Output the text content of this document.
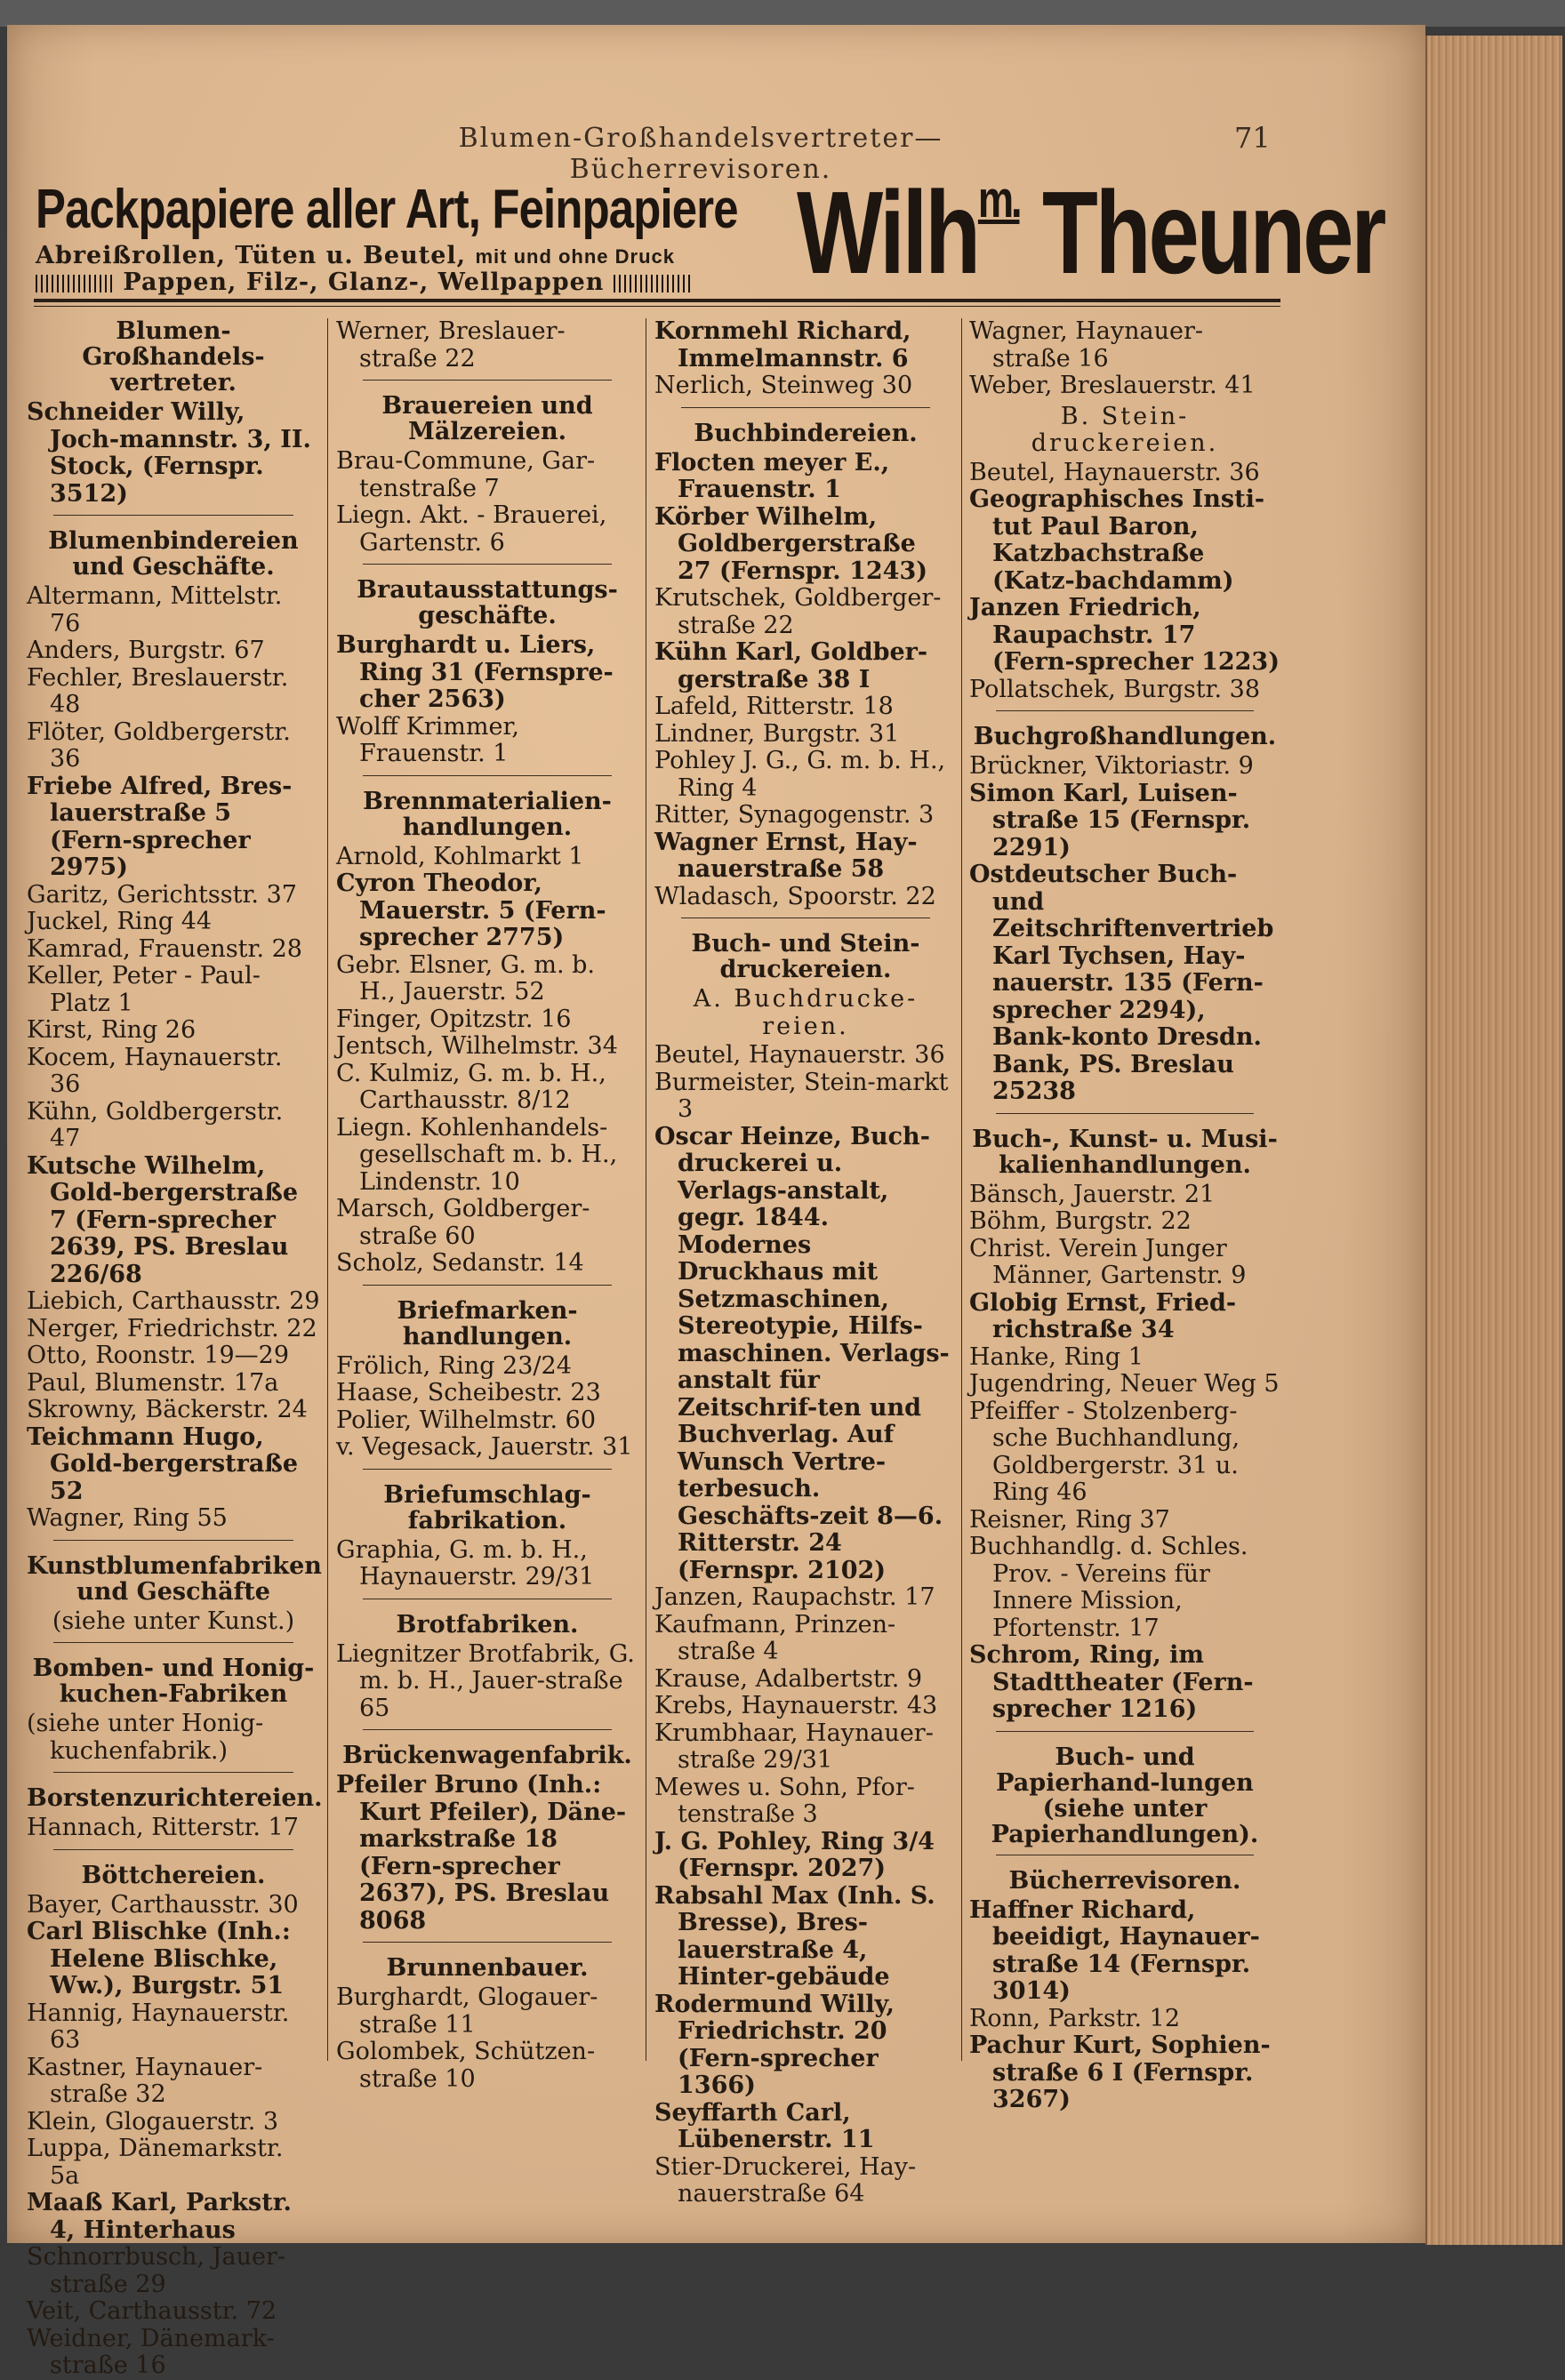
Blumen-Großhandelsvertreter—Bücherrevisoren.
71
Packpapiere aller Art, Feinpapiere
Abreißrollen, Tüten u. Beutel, mit und ohne Druck
Pappen, Filz-, Glanz-, Wellpappen	Wilh$^{m.}$ Theuner
Blumen-Großhandels-vertreter.
Schneider Willy, Joch-mannstr. 3, II. Stock, (Fernspr. 3512)
Blumenbindereien und Geschäfte.
Altermann, Mittelstr. 76
Anders, Burgstr. 67
Fechler, Breslauerstr. 48
Flöter, Goldbergerstr. 36
Friebe Alfred, Bres-lauerstraße 5 (Fern-sprecher 2975)
Garitz, Gerichtsstr. 37
Juckel, Ring 44
Kamrad, Frauenstr. 28
Keller, Peter - Paul-Platz 1
Kirst, Ring 26
Kocem, Haynauerstr. 36
Kühn, Goldbergerstr. 47
Kutsche Wilhelm, Gold-bergerstraße 7 (Fern-sprecher 2639, PS. Breslau 226/68
Liebich, Carthausstr. 29
Nerger, Friedrichstr. 22
Otto, Roonstr. 19—29
Paul, Blumenstr. 17a
Skrowny, Bäckerstr. 24
Teichmann Hugo, Gold-bergerstraße 52
Wagner, Ring 55
Kunstblumenfabriken und Geschäfte
(siehe unter Kunst.)
Bomben- und Honig-kuchen-Fabriken
(siehe unter Honig-kuchenfabrik.)
Borstenzurichtereien.
Hannach, Ritterstr. 17
Böttchereien.
Bayer, Carthausstr. 30
Carl Blischke (Inh.: Helene Blischke, Ww.), Burgstr. 51
Hannig, Haynauerstr. 63
Kastner, Haynauer-straße 32
Klein, Glogauerstr. 3
Luppa, Dänemarkstr. 5a
Maaß Karl, Parkstr. 4, Hinterhaus
Schnorrbusch, Jauer-straße 29
Veit, Carthausstr. 72
Weidner, Dänemark-straße 16
Werner, Breslauer-straße 22
Brauereien und Mälzereien.
Brau-Commune, Gar-tenstraße 7
Liegn. Akt. - Brauerei, Gartenstr. 6
Brautausstattungs-geschäfte.
Burghardt u. Liers, Ring 31 (Fernspre-cher 2563)
Wolff Krimmer, Frauenstr. 1
Brennmaterialien-handlungen.
Arnold, Kohlmarkt 1
Cyron Theodor, Mauerstr. 5 (Fern-sprecher 2775)
Gebr. Elsner, G. m. b. H., Jauerstr. 52
Finger, Opitzstr. 16
Jentsch, Wilhelmstr. 34
C. Kulmiz, G. m. b. H., Carthausstr. 8/12
Liegn. Kohlenhandels-gesellschaft m. b. H., Lindenstr. 10
Marsch, Goldberger-straße 60
Scholz, Sedanstr. 14
Briefmarken-handlungen.
Frölich, Ring 23/24
Haase, Scheibestr. 23
Polier, Wilhelmstr. 60
v. Vegesack, Jauerstr. 31
Briefumschlag-fabrikation.
Graphia, G. m. b. H., Haynauerstr. 29/31
Brotfabriken.
Liegnitzer Brotfabrik, G. m. b. H., Jauer-straße 65
Brückenwagenfabrik.
Pfeiler Bruno (Inh.: Kurt Pfeiler), Däne-markstraße 18 (Fern-sprecher 2637), PS. Breslau 8068
Brunnenbauer.
Burghardt, Glogauer-straße 11
Golombek, Schützen-straße 10
Kornmehl Richard, Immelmannstr. 6
Nerlich, Steinweg 30
Buchbindereien.
Flocten meyer E., Frauenstr. 1
Körber Wilhelm, Goldbergerstraße 27 (Fernspr. 1243)
Krutschek, Goldberger-straße 22
Kühn Karl, Goldber-gerstraße 38 I
Lafeld, Ritterstr. 18
Lindner, Burgstr. 31
Pohley J. G., G. m. b. H., Ring 4
Ritter, Synagogenstr. 3
Wagner Ernst, Hay-nauerstraße 58
Wladasch, Spoorstr. 22
Buch- und Stein-druckereien.
A. Buchdrucke-reien.
Beutel, Haynauerstr. 36
Burmeister, Stein-markt 3
Oscar Heinze, Buch-druckerei u. Verlags-anstalt, gegr. 1844. Modernes Druckhaus mit Setzmaschinen, Stereotypie, Hilfs-maschinen. Verlags-anstalt für Zeitschrif-ten und Buchverlag. Auf Wunsch Vertre-terbesuch. Geschäfts-zeit 8—6. Ritterstr. 24 (Fernspr. 2102)
Janzen, Raupachstr. 17
Kaufmann, Prinzen-straße 4
Krause, Adalbertstr. 9
Krebs, Haynauerstr. 43
Krumbhaar, Haynauer-straße 29/31
Mewes u. Sohn, Pfor-tenstraße 3
J. G. Pohley, Ring 3/4 (Fernspr. 2027)
Rabsahl Max (Inh. S. Bresse), Bres-lauerstraße 4, Hinter-gebäude
Rodermund Willy, Friedrichstr. 20 (Fern-sprecher 1366)
Seyffarth Carl, Lübenerstr. 11
Stier-Druckerei, Hay-nauerstraße 64
Wagner, Haynauer-straße 16
Weber, Breslauerstr. 41
B. Stein-druckereien.
Beutel, Haynauerstr. 36
Geographisches Insti-tut Paul Baron, Katzbachstraße (Katz-bachdamm)
Janzen Friedrich, Raupachstr. 17 (Fern-sprecher 1223)
Pollatschek, Burgstr. 38
Buchgroßhandlungen.
Brückner, Viktoriastr. 9
Simon Karl, Luisen-straße 15 (Fernspr. 2291)
Ostdeutscher Buch- und Zeitschriftenvertrieb Karl Tychsen, Hay-nauerstr. 135 (Fern-sprecher 2294), Bank-konto Dresdn. Bank, PS. Breslau 25238
Buch-, Kunst- u. Musi-kalienhandlungen.
Bänsch, Jauerstr. 21
Böhm, Burgstr. 22
Christ. Verein Junger Männer, Gartenstr. 9
Globig Ernst, Fried-richstraße 34
Hanke, Ring 1
Jugendring, Neuer Weg 5
Pfeiffer - Stolzenberg-sche Buchhandlung, Goldbergerstr. 31 u. Ring 46
Reisner, Ring 37
Buchhandlg. d. Schles. Prov. - Vereins für Innere Mission, Pfortenstr. 17
Schrom, Ring, im Stadttheater (Fern-sprecher 1216)
Buch- und Papierhand-lungen (siehe unter Papierhandlungen).
Bücherrevisoren.
Haffner Richard, beeidigt, Haynauer-straße 14 (Fernspr. 3014)
Ronn, Parkstr. 12
Pachur Kurt, Sophien-straße 6 I (Fernspr. 3267)
